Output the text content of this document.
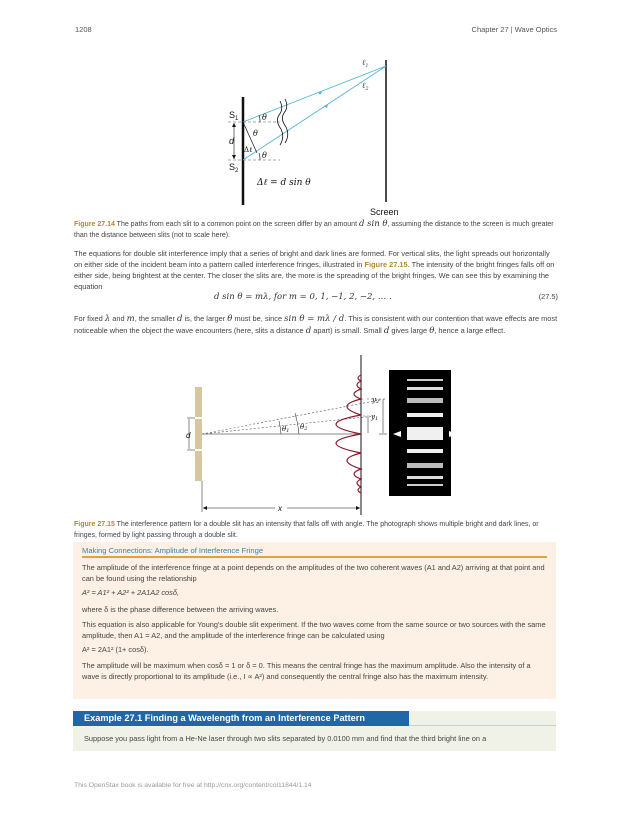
1208	Chapter 27 | Wave Optics
$S_1$
$S_2$
d
θ
θ
θ
Δℓ
Δℓ = d sin θ
ℓ$_1$
ℓ$_2$
Screen
Figure 27.14 The paths from each slit to a common point on the screen differ by an amount d sin θ, assuming the distance to the screen is much greater than the distance between slits (not to scale here).
The equations for double slit interference imply that a series of bright and dark lines are formed. For vertical slits, the light spreads out horizontally on either side of the incident beam into a pattern called interference fringes, illustrated in Figure 27.15. The intensity of the bright fringes falls off on either side, being brightest at the center. The closer the slits are, the more is the spreading of the bright fringes. We can see this by examining the equation
d sin θ = mλ, for m = 0, 1, −1, 2, −2, … .	(27.5)
For fixed λ and m, the smaller d is, the larger θ must be, since sin θ = mλ / d. This is consistent with our contention that wave effects are most noticeable when the object the wave encounters (here, slits a distance d apart) is small. Small d gives large θ, hence a large effect.
d
θ1 θ2
y2
y1
x
Figure 27.15 The interference pattern for a double slit has an intensity that falls off with angle. The photograph shows multiple bright and dark lines, or fringes, formed by light passing through a double slit.
Making Connections: Amplitude of Interference Fringe
The amplitude of the interference fringe at a point depends on the amplitudes of the two coherent waves (A1 and A2) arriving at that point and can be found using the relationship
A² = A1² + A2² + 2A1A2 cosδ,
where δ is the phase difference between the arriving waves.
This equation is also applicable for Young's double slit experiment. If the two waves come from the same source or two sources with the same amplitude, then A1 = A2, and the amplitude of the interference fringe can be calculated using
A² = 2A1² (1+ cosδ).
The amplitude will be maximum when cosδ = 1 or δ = 0. This means the central fringe has the maximum amplitude. Also the intensity of a wave is directly proportional to its amplitude (i.e., I ∝ A²) and consequently the central fringe also has the maximum intensity.
Example 27.1 Finding a Wavelength from an Interference Pattern
Suppose you pass light from a He-Ne laser through two slits separated by 0.0100 mm and find that the third bright line on a
This OpenStax book is available for free at http://cnx.org/content/col11844/1.14
